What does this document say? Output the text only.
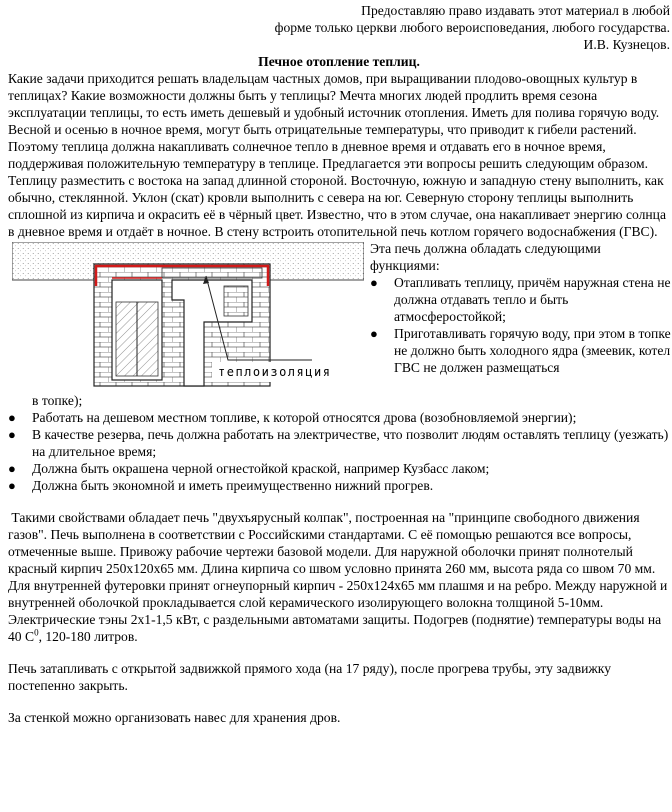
Предоставляю право издавать этот материал в любой
форме только церкви любого вероисповедания, любого государства.
И.В. Кузнецов.
Печное отопление теплиц.

Какие задачи приходится решать владельцам частных домов, при выращивании плодово-овощных культур в теплицах? Какие возможности должны быть у теплицы? Мечта многих людей продлить время сезона эксплуатации теплицы, то есть иметь дешевый и удобный источник отопления. Иметь для полива горячую воду. Весной и осенью в ночное время, могут быть отрицательные температуры, что приводит к гибели растений. Поэтому теплица должна накапливать солнечное тепло в дневное время и отдавать его в ночное время, поддерживая положительную температуру в теплице. Предлагается эти вопросы решить следующим образом.

Теплицу разместить с востока на запад длинной стороной. Восточную, южную и западную стену выполнить, как обычно, стеклянной. Уклон (скат) кровли выполнить с севера на юг. Северную сторону теплицы выполнить сплошной из кирпича и окрасить её в чёрный цвет. Известно, что в этом случае, она накапливает энергию солнца в дневное время и отдаёт в ночное. В стену встроить отопительной печь котлом горячего водоснабжения (ГВС).

теплоизоляция

Эта печь должна обладать следующими функциями:

●	Отапливать теплицу, причём наружная стена не должна отдавать тепло и быть атмосферостойкой;
●	Приготавливать горячую воду, при этом в топке не должно быть холодного ядра (змеевик, котел ГВС не должен размещаться
в топке);
●	Работать на дешевом местном топливе, к которой относятся дрова (возобновляемой энергии);
●	В качестве резерва, печь должна работать на электричестве, что позволит людям оставлять теплицу (уезжать) на длительное время;
●	Должна быть окрашена черной огнестойкой краской, например Кузбасс лаком;
●	Должна быть экономной и иметь преимущественно нижний прогрев.

Такими свойствами обладает печь "двухъярусный колпак", построенная на "принципе свободного движения газов". Печь выполнена в соответствии с Российскими стандартами. С её помощью решаются все вопросы, отмеченные выше. Привожу рабочие чертежи базовой модели. Для наружной оболочки принят полнотелый красный кирпич 250х120х65 мм. Длина кирпича со швом условно принята 260 мм, высота ряда со швом 70 мм. Для внутренней футеровки принят огнеупорный кирпич - 250х124х65 мм плашмя и на ребро. Между наружной и внутренней оболочкой прокладывается слой керамического изолирующего волокна толщиной 5-10мм. Электрические тэны 2х1-1,5 кВт, с раздельными автоматами защиты. Подогрев (поднятие) температуры воды на 40 $С^0$, 120-180 литров.

Печь затапливать с открытой задвижкой прямого хода (на 17 ряду), после прогрева трубы, эту задвижку постепенно закрыть.

За стенкой можно организовать навес для хранения дров.
